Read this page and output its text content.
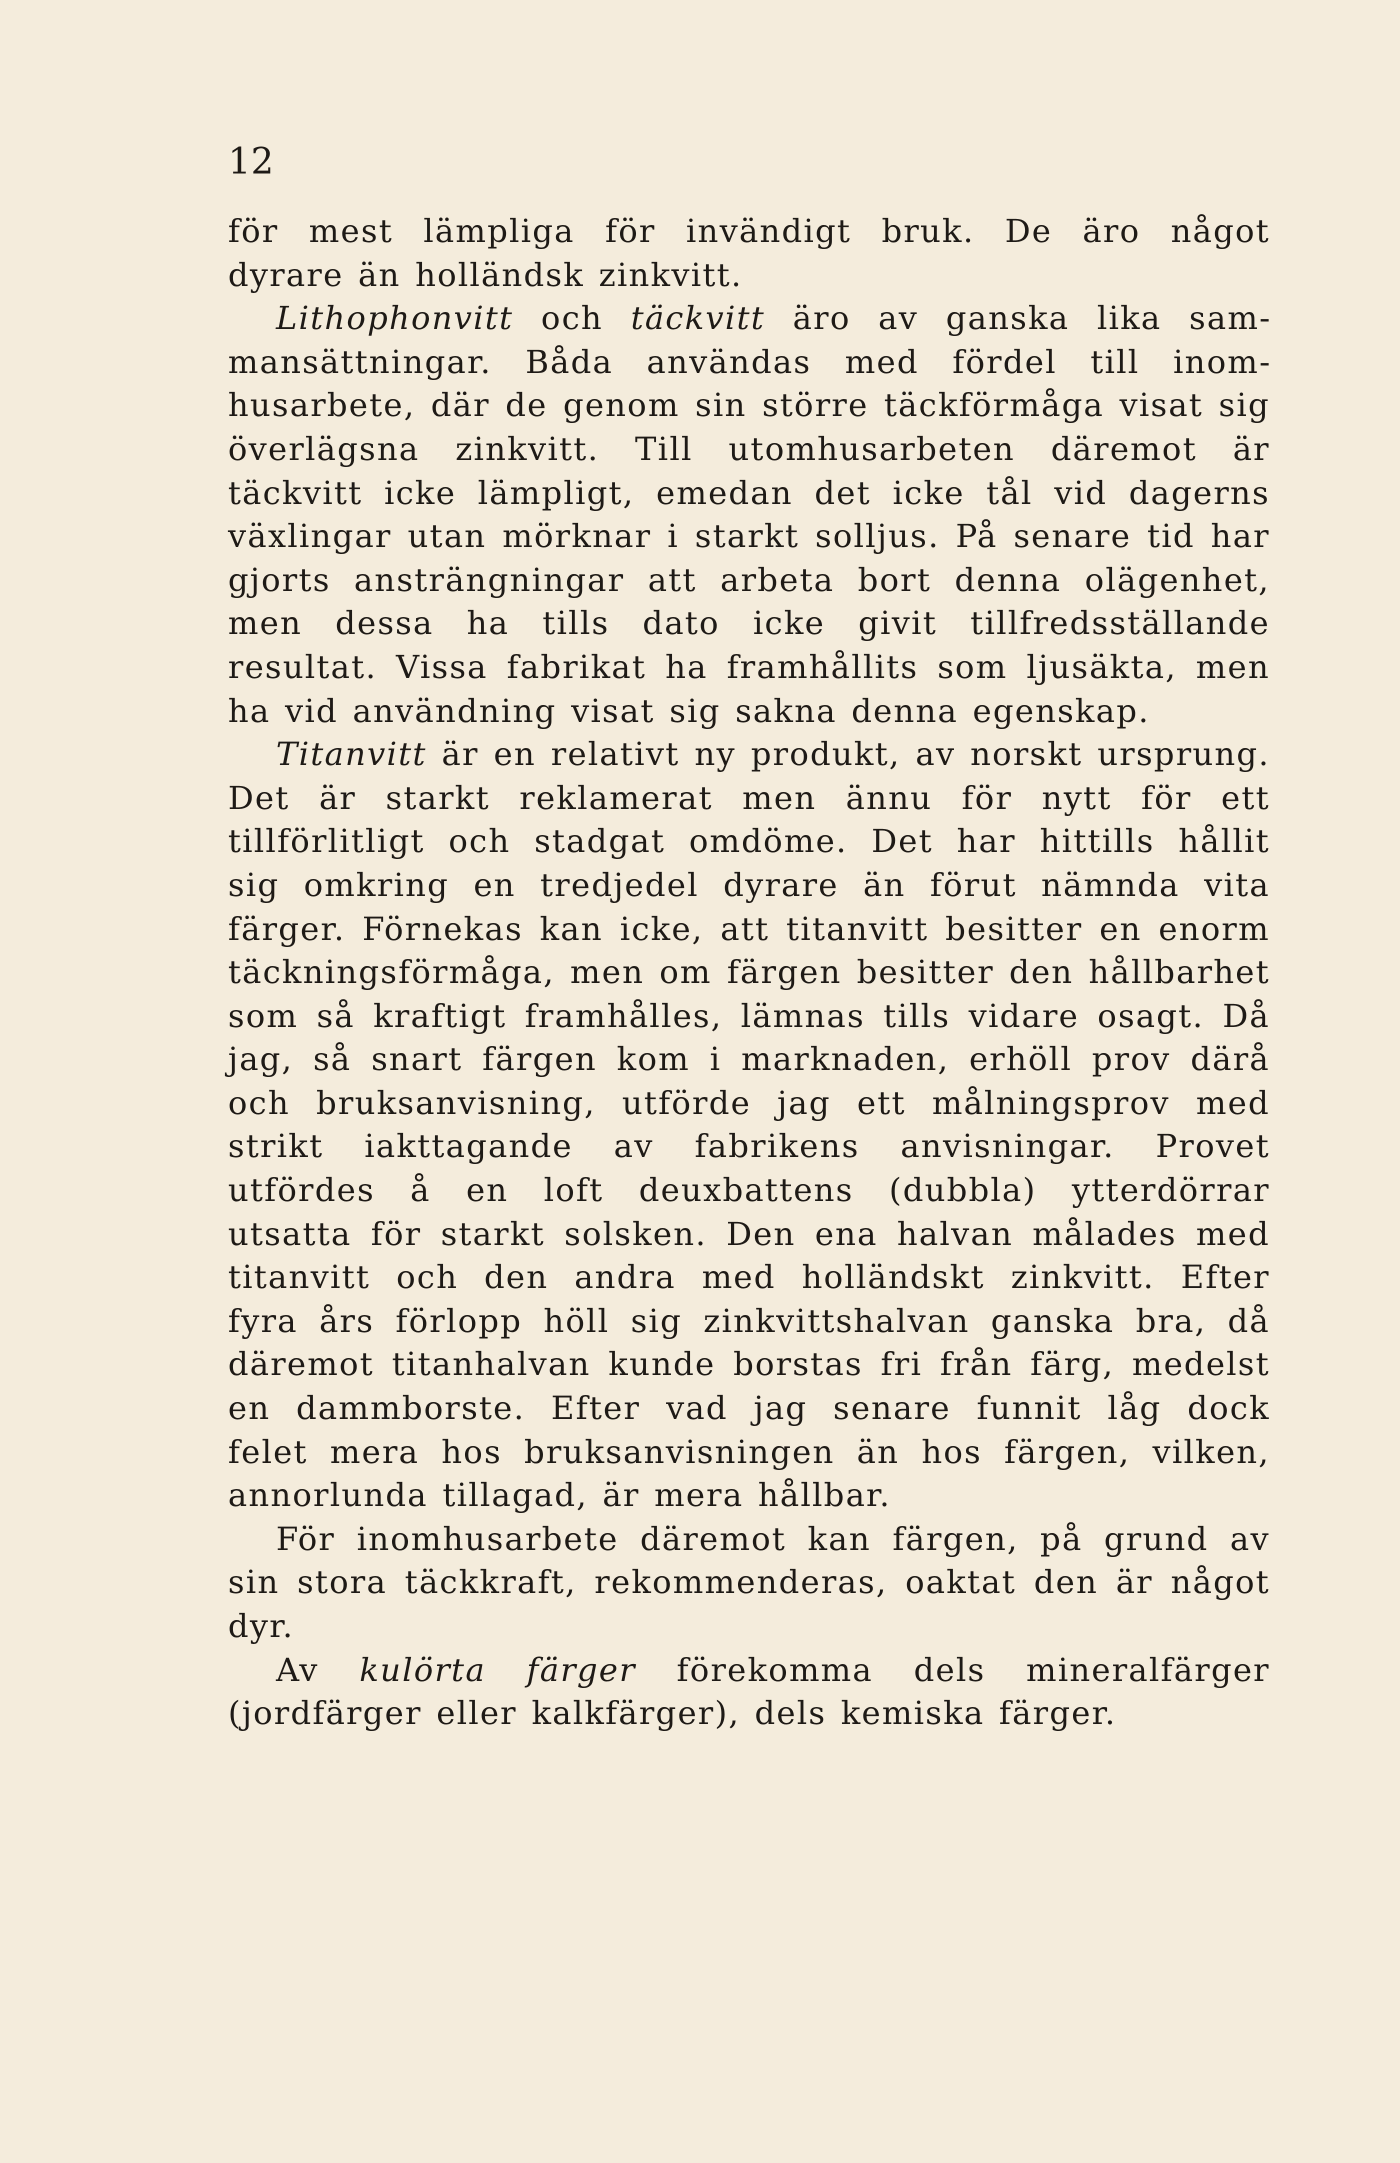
12

för mest lämpliga för invändigt bruk. De äro något dyrare än holländsk zinkvitt.

Lithophonvitt och täckvitt äro av ganska lika sammansättningar. Båda användas med fördel till inomhusarbete, där de genom sin större täckförmåga visat sig överlägsna zinkvitt. Till utomhusarbeten däremot är täckvitt icke lämpligt, emedan det icke tål vid dagerns växlingar utan mörknar i starkt solljus. På senare tid har gjorts ansträngningar att arbeta bort denna olägenhet, men dessa ha tills dato icke givit tillfredsställande resultat. Vissa fabrikat ha framhållits som ljusäkta, men ha vid användning visat sig sakna denna egenskap.

Titanvitt är en relativt ny produkt, av norskt ursprung. Det är starkt reklamerat men ännu för nytt för ett tillförlitligt och stadgat omdöme. Det har hittills hållit sig omkring en tredjedel dyrare än förut nämnda vita färger. Förnekas kan icke, att titanvitt besitter en enorm täckningsförmåga, men om färgen besitter den hållbarhet som så kraftigt framhålles, lämnas tills vidare osagt. Då jag, så snart färgen kom i marknaden, erhöll prov därå och bruksanvisning, utförde jag ett målningsprov med strikt iakttagande av fabrikens anvisningar. Provet utfördes å en loft deuxbattens (dubbla) ytterdörrar utsatta för starkt solsken. Den ena halvan målades med titanvitt och den andra med holländskt zinkvitt. Efter fyra års förlopp höll sig zinkvittshalvan ganska bra, då däremot titanhalvan kunde borstas fri från färg, medelst en dammborste. Efter vad jag senare funnit låg dock felet mera hos bruksanvisningen än hos färgen, vilken, annorlunda tillagad, är mera hållbar.

För inomhusarbete däremot kan färgen, på grund av sin stora täckkraft, rekommenderas, oaktat den är något dyr.

Av kulörta färger förekomma dels mineralfärger (jordfärger eller kalkfärger), dels kemiska färger.
